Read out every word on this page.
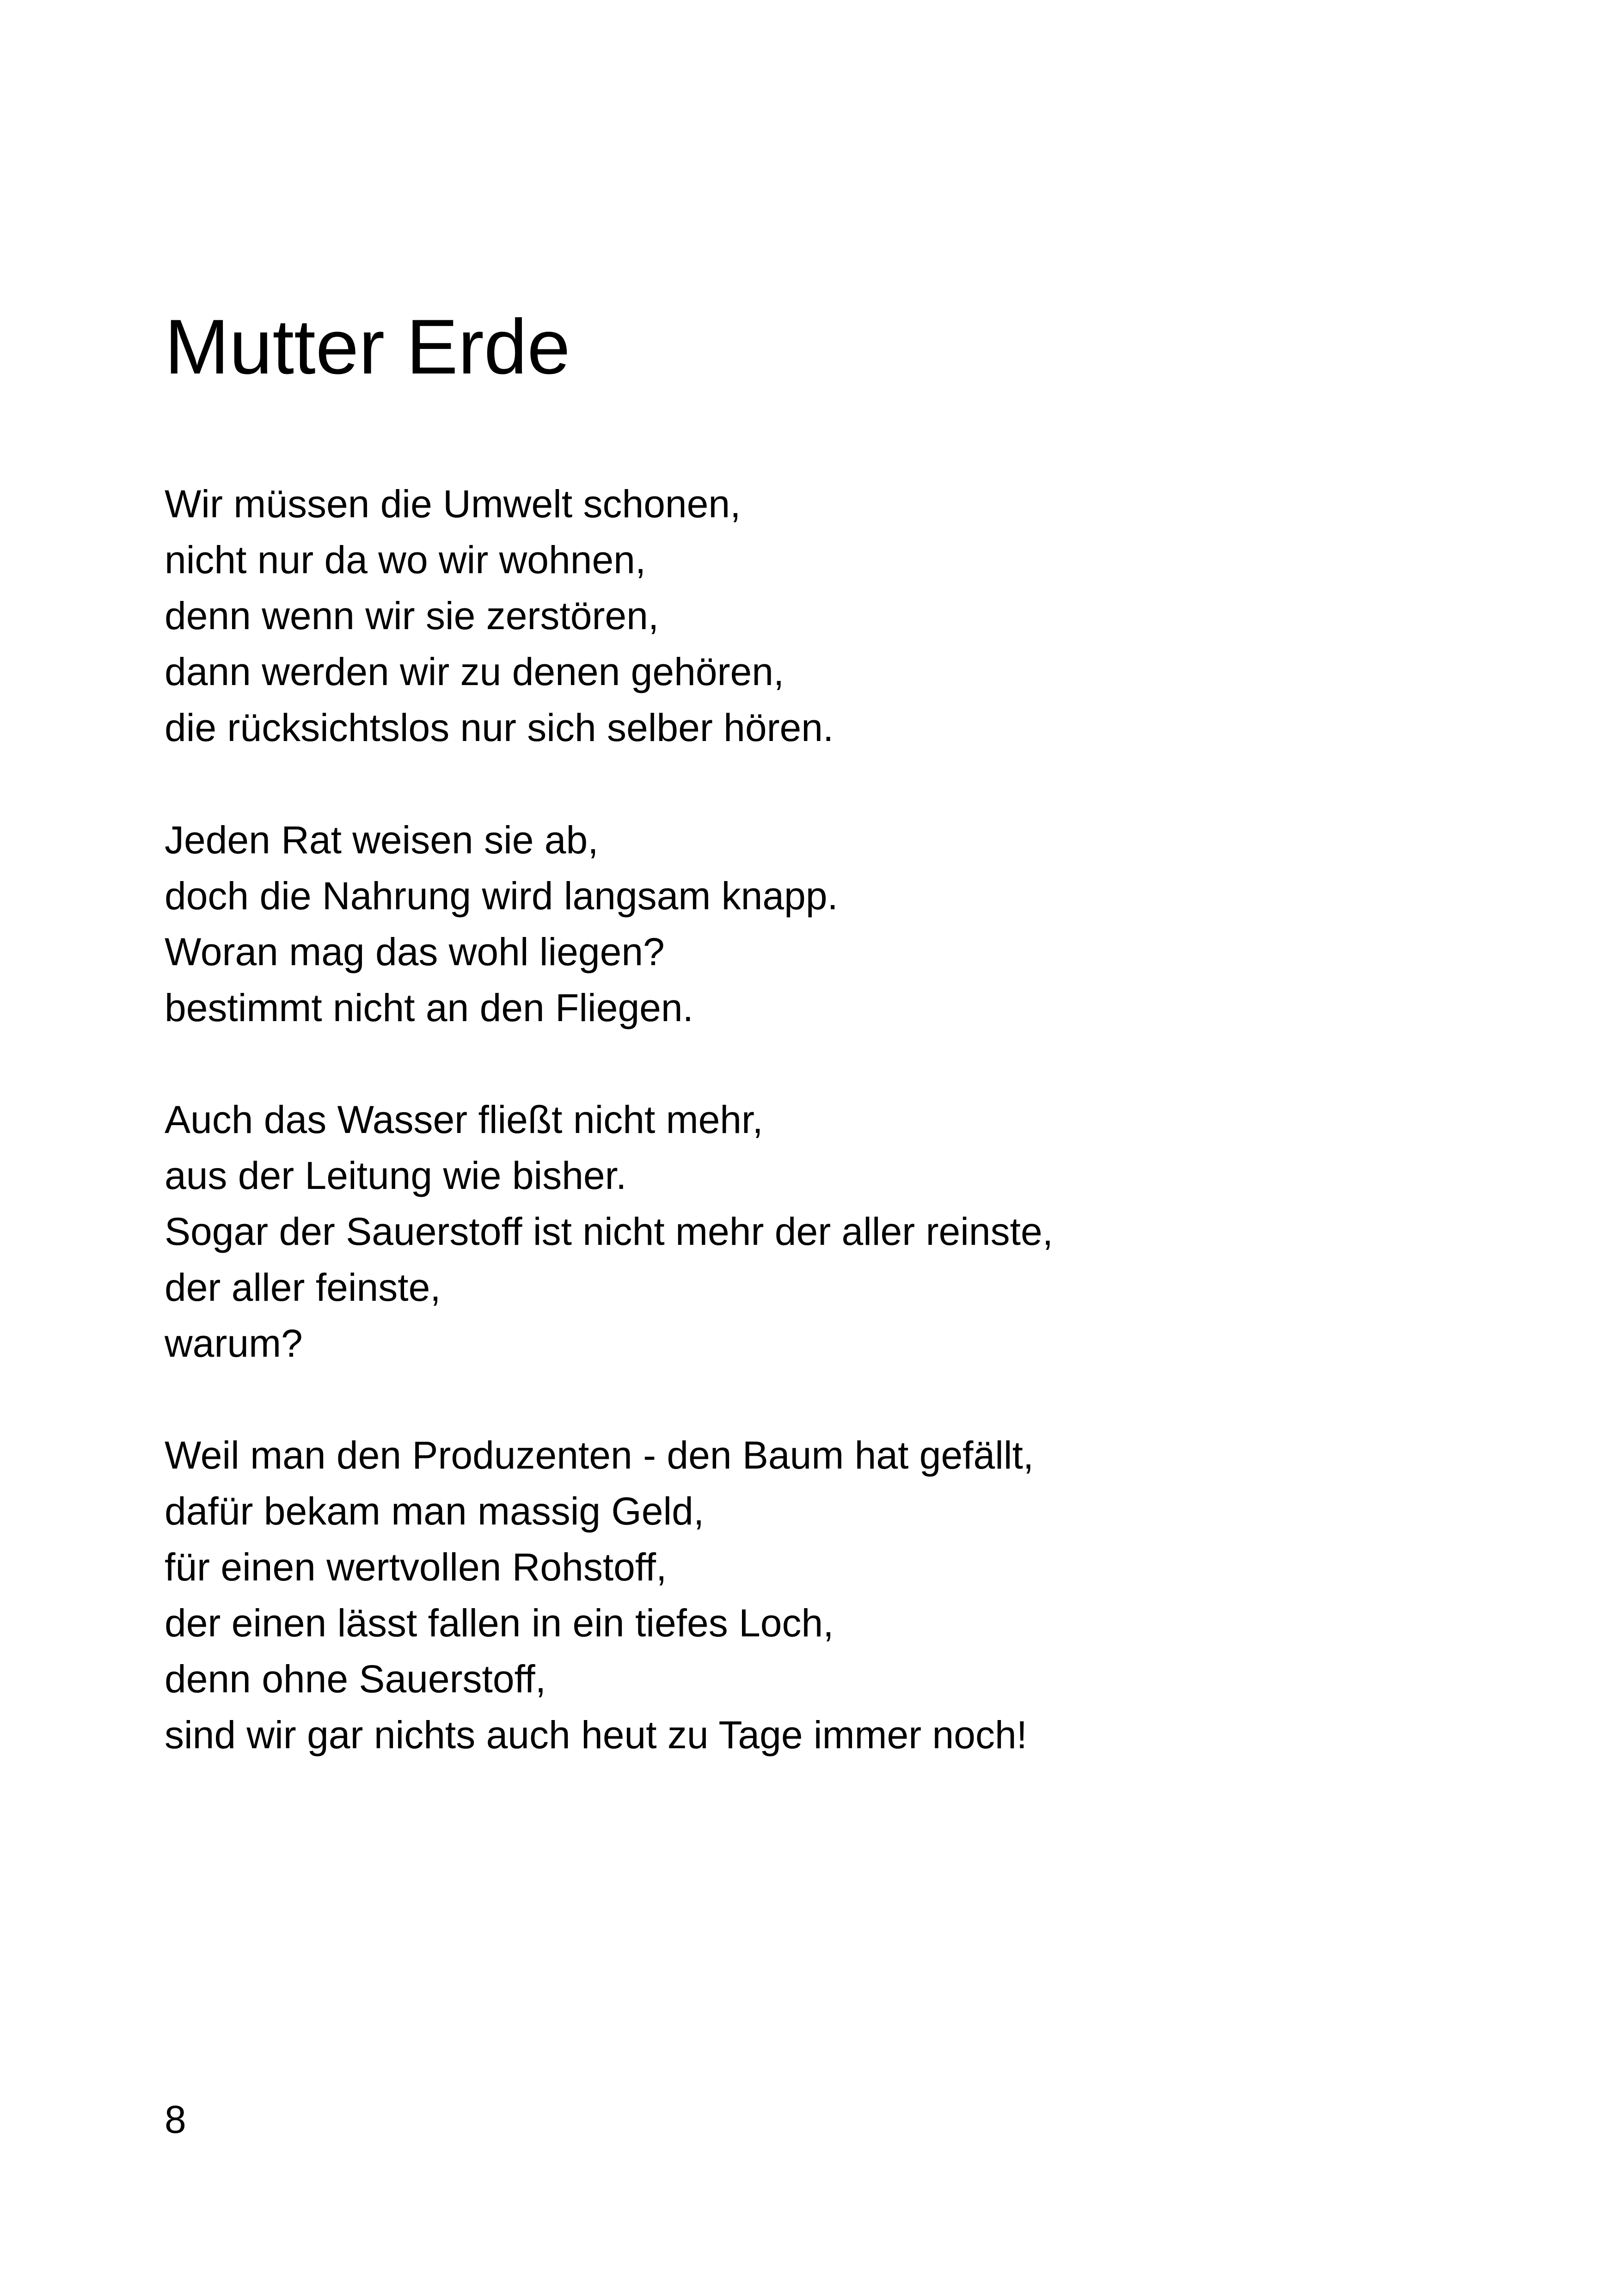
Mutter Erde
Wir müssen die Umwelt schonen,
nicht nur da wo wir wohnen,
denn wenn wir sie zerstören,
dann werden wir zu denen gehören,
die rücksichtslos nur sich selber hören.
Jeden Rat weisen sie ab,
doch die Nahrung wird langsam knapp.
Woran mag das wohl liegen?
bestimmt nicht an den Fliegen.
Auch das Wasser fließt nicht mehr,
aus der Leitung wie bisher.
Sogar der Sauerstoff ist nicht mehr der aller reinste,
der aller feinste,
warum?
Weil man den Produzenten - den Baum hat gefällt,
dafür bekam man massig Geld,
für einen wertvollen Rohstoff,
der einen lässt fallen in ein tiefes Loch,
denn ohne Sauerstoff,
sind wir gar nichts auch heut zu Tage immer noch!
8
